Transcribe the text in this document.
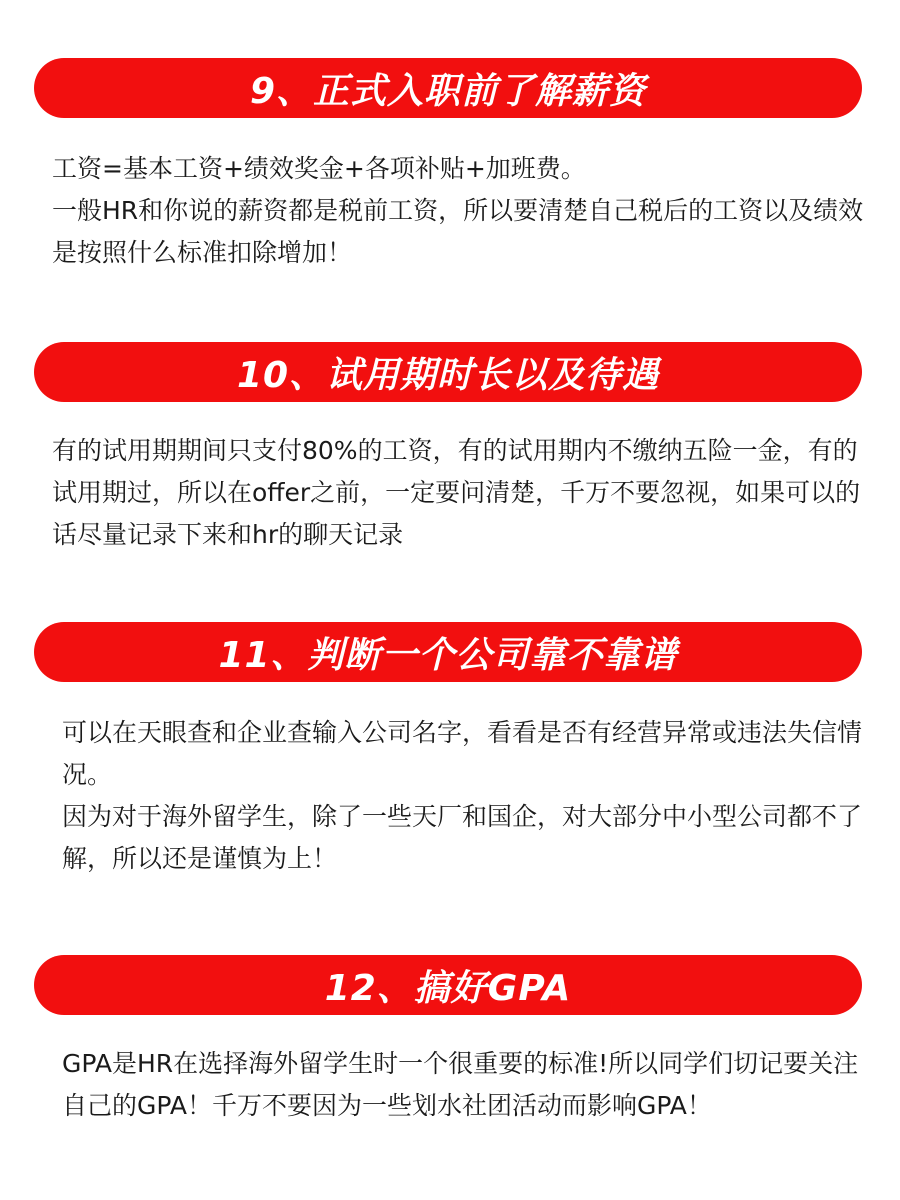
9、正式入职前了解薪资

工资=基本工资+绩效奖金+各项补贴+加班费。

一般HR和你说的薪资都是税前工资，所以要清楚自己税后的工资以及绩效是按照什么标准扣除增加！

10、试用期时长以及待遇

有的试用期期间只支付80%的工资，有的试用期内不缴纳五险一金，有的试用期过，所以在offer之前，一定要问清楚，千万不要忽视，如果可以的话尽量记录下来和hr的聊天记录

11、判断一个公司靠不靠谱

可以在天眼查和企业查输入公司名字，看看是否有经营异常或违法失信情况。

因为对于海外留学生，除了一些天厂和国企，对大部分中小型公司都不了解，所以还是谨慎为上！

12、搞好GPA

GPA是HR在选择海外留学生时一个很重要的标准!所以同学们切记要关注自己的GPA！千万不要因为一些划水社团活动而影响GPA！
